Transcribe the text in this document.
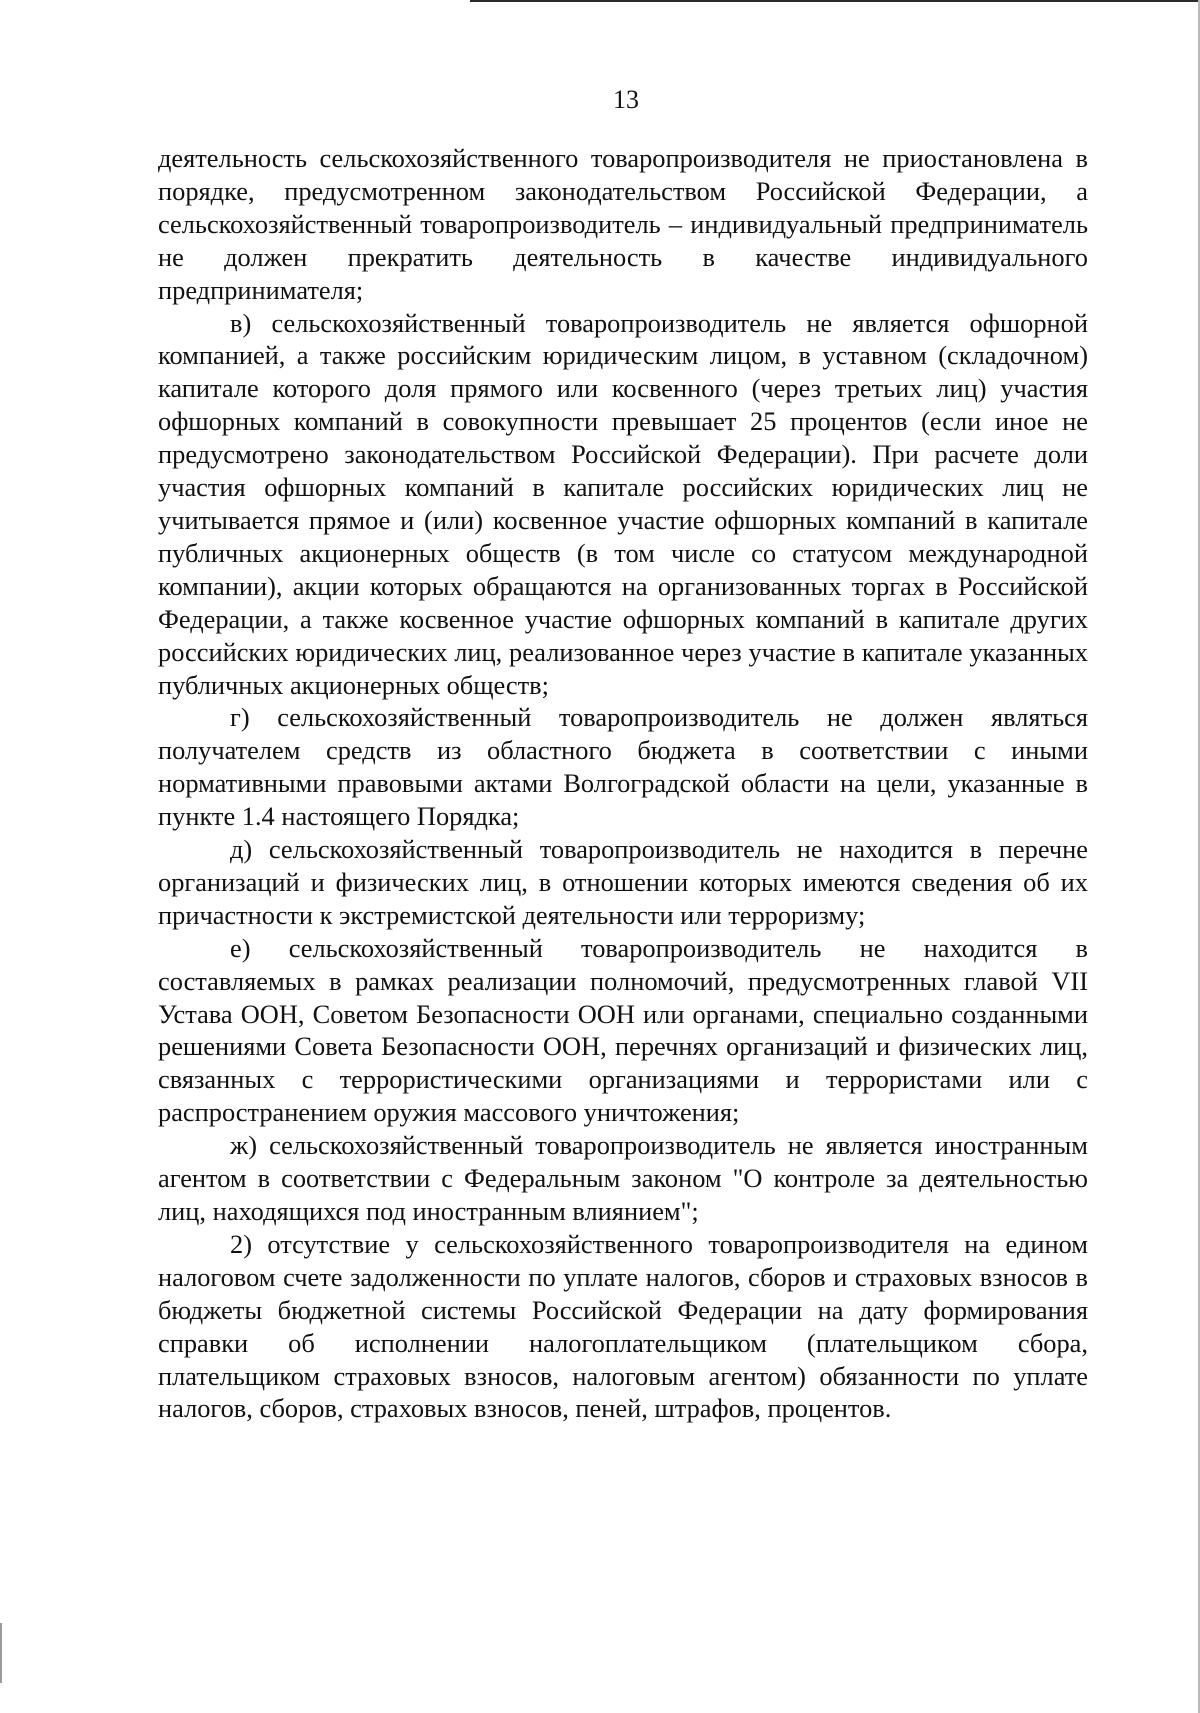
13

деятельность сельскохозяйственного товаропроизводителя не приостановлена в порядке, предусмотренном законодательством Российской Федерации, а сельскохозяйственный товаропроизводитель – индивидуальный предприниматель не должен прекратить деятельность в качестве индивидуального предпринимателя;

в) сельскохозяйственный товаропроизводитель не является офшорной компанией, а также российским юридическим лицом, в уставном (складочном) капитале которого доля прямого или косвенного (через третьих лиц) участия офшорных компаний в совокупности превышает 25 процентов (если иное не предусмотрено законодательством Российской Федерации). При расчете доли участия офшорных компаний в капитале российских юридических лиц не учитывается прямое и (или) косвенное участие офшорных компаний в капитале публичных акционерных обществ (в том числе со статусом международной компании), акции которых обращаются на организованных торгах в Российской Федерации, а также косвенное участие офшорных компаний в капитале других российских юридических лиц, реализованное через участие в капитале указанных публичных акционерных обществ;

г) сельскохозяйственный товаропроизводитель не должен являться получателем средств из областного бюджета в соответствии с иными нормативными правовыми актами Волгоградской области на цели, указанные в пункте 1.4 настоящего Порядка;

д) сельскохозяйственный товаропроизводитель не находится в перечне организаций и физических лиц, в отношении которых имеются сведения об их причастности к экстремистской деятельности или терроризму;

е) сельскохозяйственный товаропроизводитель не находится в составляемых в рамках реализации полномочий, предусмотренных главой VII Устава ООН, Советом Безопасности ООН или органами, специально созданными решениями Совета Безопасности ООН, перечнях организаций и физических лиц, связанных с террористическими организациями и террористами или с распространением оружия массового уничтожения;

ж) сельскохозяйственный товаропроизводитель не является иностранным агентом в соответствии с Федеральным законом "О контроле за деятельностью лиц, находящихся под иностранным влиянием";

2) отсутствие у сельскохозяйственного товаропроизводителя на едином налоговом счете задолженности по уплате налогов, сборов и страховых взносов в бюджеты бюджетной системы Российской Федерации на дату формирования справки об исполнении налогоплательщиком (плательщиком сбора, плательщиком страховых взносов, налоговым агентом) обязанности по уплате налогов, сборов, страховых взносов, пеней, штрафов, процентов.
